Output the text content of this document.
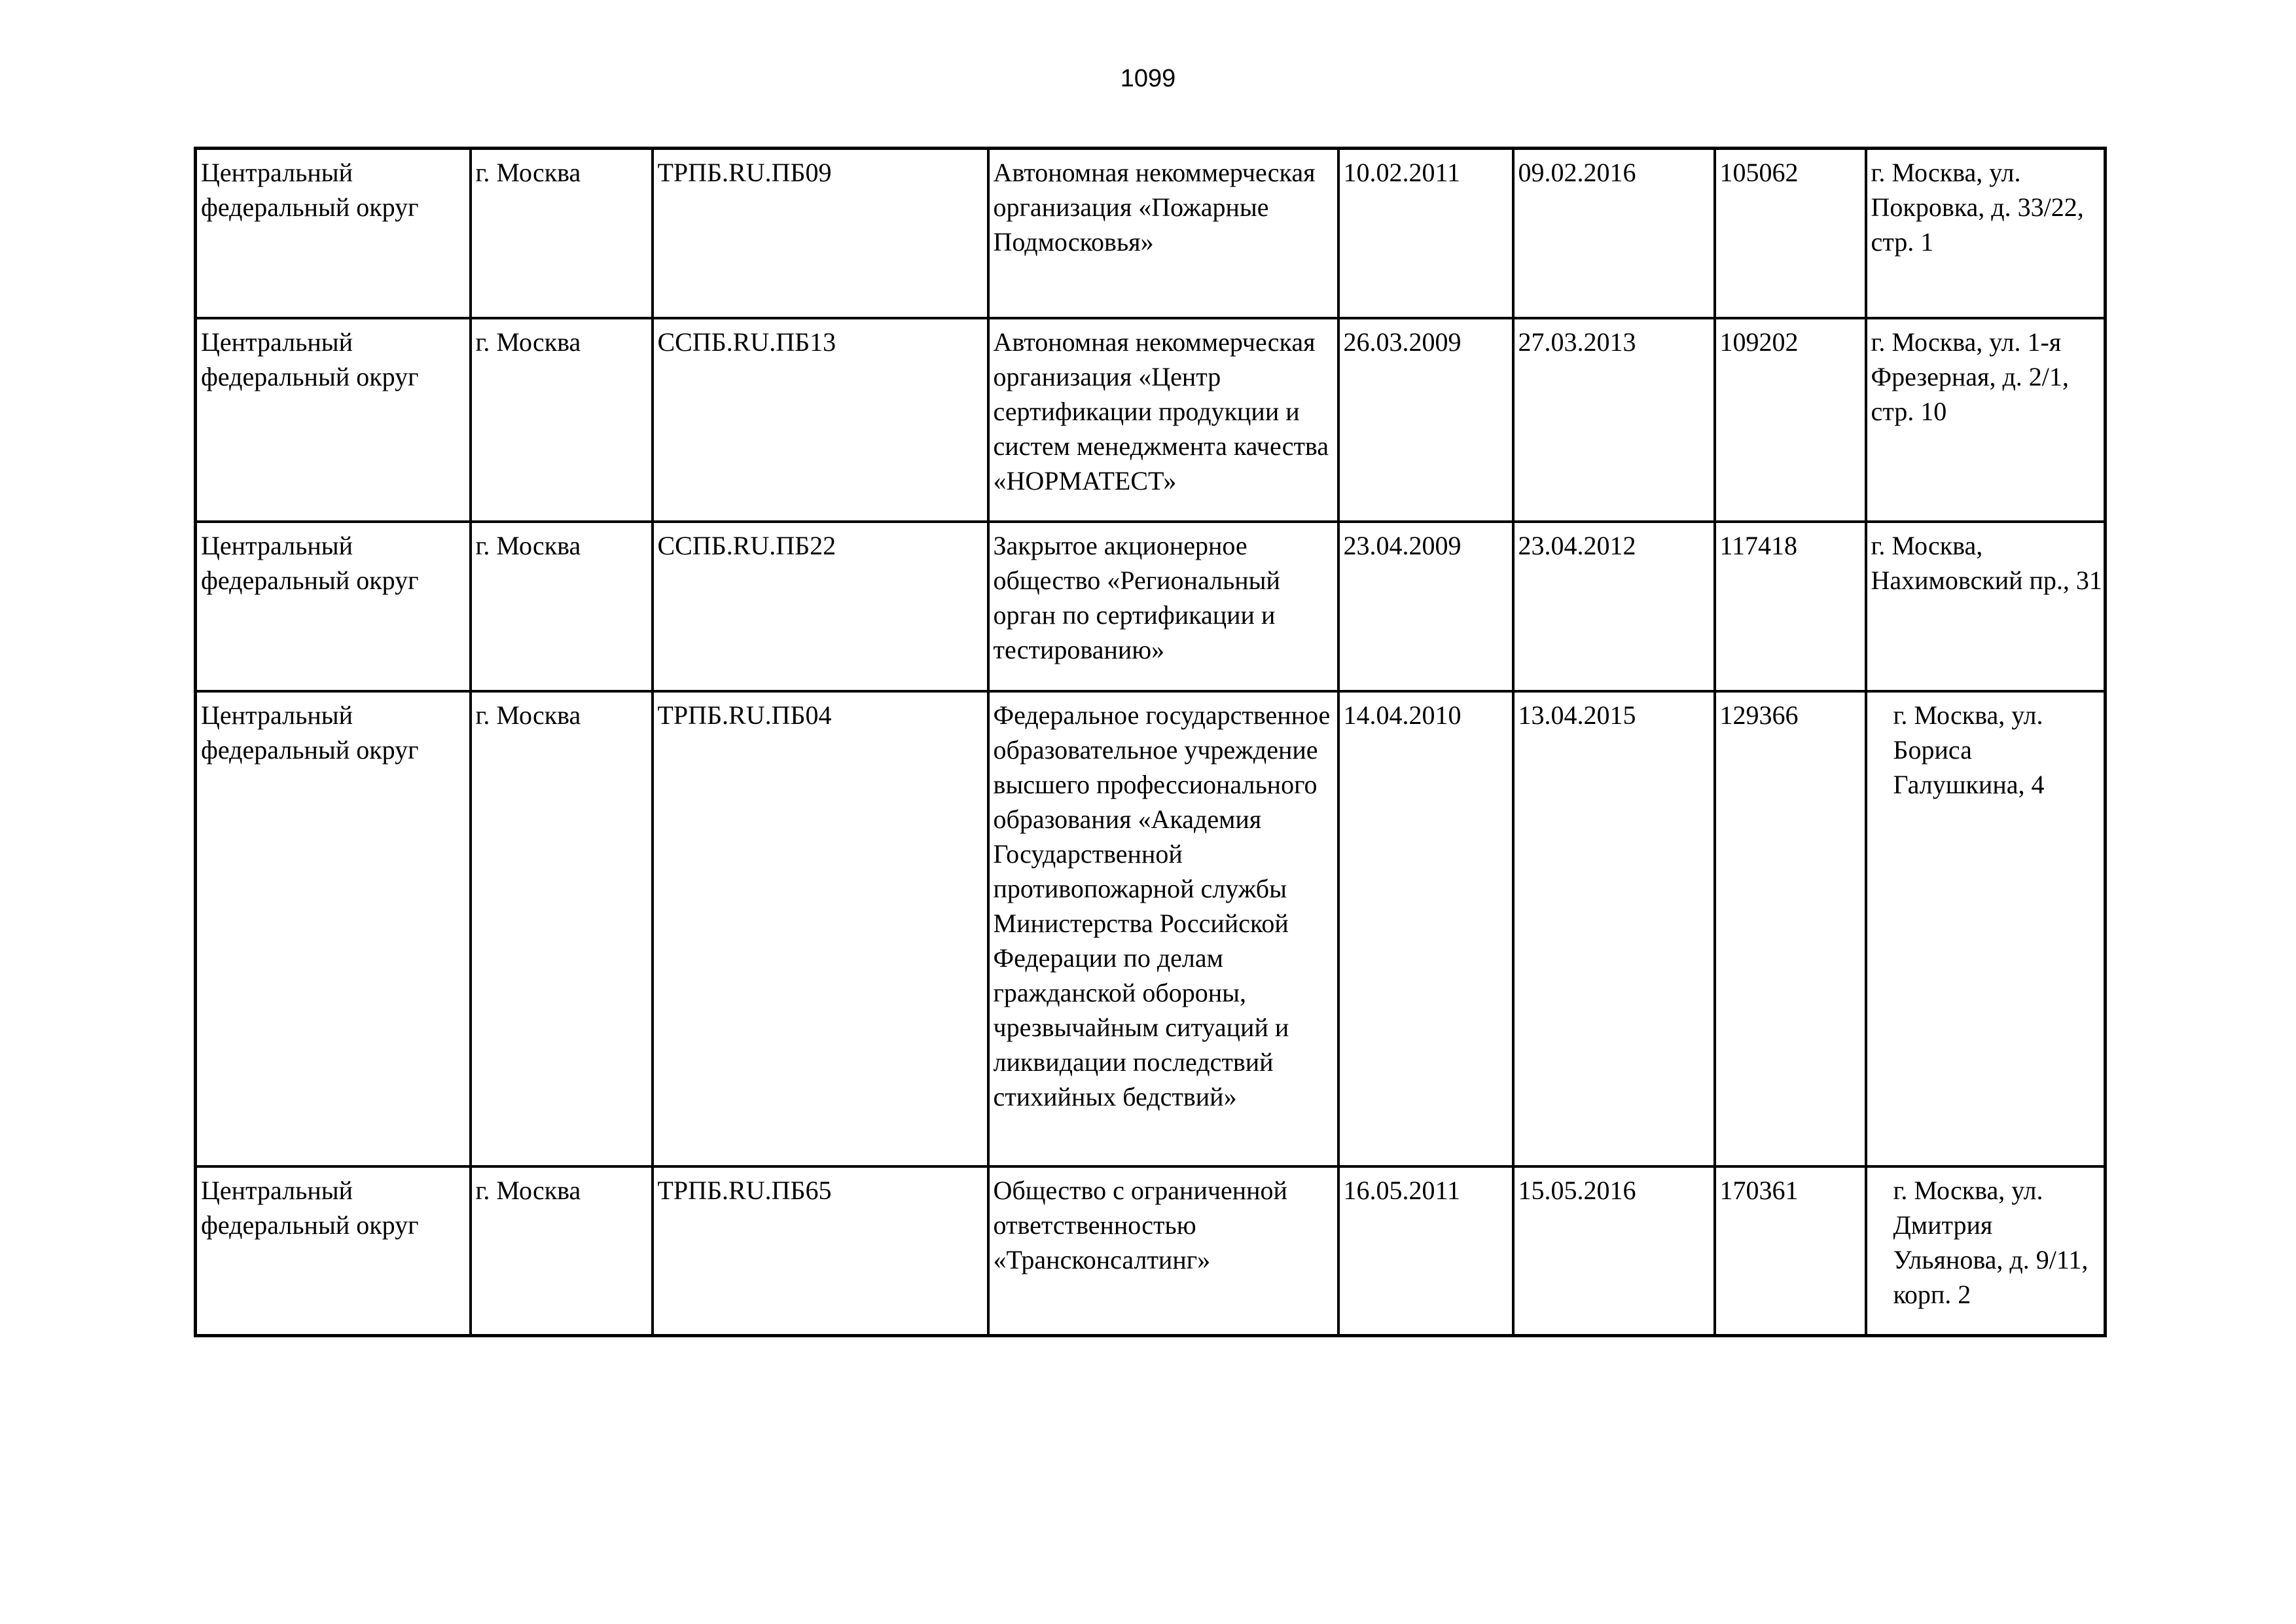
1099
Центральный федеральный округ	г. Москва	ТРПБ.RU.ПБ09	Автономная некоммерческая организация «Пожарные Подмосковья»	10.02.2011	09.02.2016	105062	г. Москва, ул. Покровка, д. 33/22, стр. 1
Центральный федеральный округ	г. Москва	ССПБ.RU.ПБ13	Автономная некоммерческая организация «Центр сертификации продукции и систем менеджмента качества «НОРМАТЕСТ»	26.03.2009	27.03.2013	109202	г. Москва, ул. 1-я Фрезерная, д. 2/1, стр. 10
Центральный федеральный округ	г. Москва	ССПБ.RU.ПБ22	Закрытое акционерное общество «Региональный орган по сертификации и тестированию»	23.04.2009	23.04.2012	117418	г. Москва, Нахимовский пр., 31
Центральный федеральный округ	г. Москва	ТРПБ.RU.ПБ04	Федеральное государственное образовательное учреждение высшего профессионального образования «Академия Государственной противопожарной службы Министерства Российской Федерации по делам гражданской обороны, чрезвычайным ситуаций и ликвидации последствий стихийных бедствий»	14.04.2010	13.04.2015	129366	г. Москва, ул. Бориса Галушкина, 4
Центральный федеральный округ	г. Москва	ТРПБ.RU.ПБ65	Общество с ограниченной ответственностью «Трансконсалтинг»	16.05.2011	15.05.2016	170361	г. Москва, ул. Дмитрия Ульянова, д. 9/11, корп. 2
